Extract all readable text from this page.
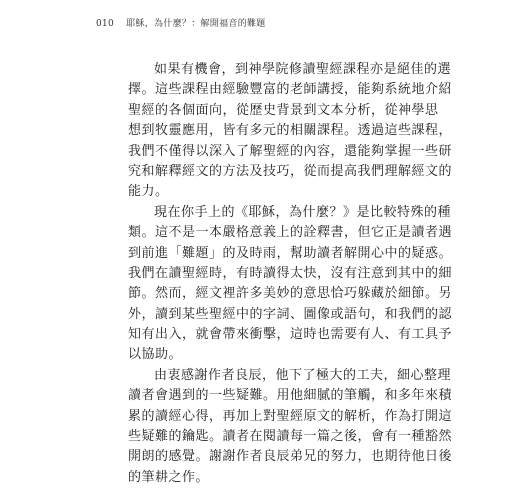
010 耶穌，為什麼？：解開福音的難題
如果有機會，到神學院修讀聖經課程亦是絕佳的選
擇。這些課程由經驗豐富的老師講授，能夠系統地介紹
聖經的各個面向，從歷史背景到文本分析，從神學思
想到牧靈應用，皆有多元的相關課程。透過這些課程，
我們不僅得以深入了解聖經的內容，還能夠掌握一些研
究和解釋經文的方法及技巧，從而提高我們理解經文的
能力。
現在你手上的《耶穌，為什麼？》是比較特殊的種
類。這不是一本嚴格意義上的詮釋書，但它正是讀者遇
到前進「難題」的及時雨，幫助讀者解開心中的疑惑。
我們在讀聖經時，有時讀得太快，沒有注意到其中的細
節。然而，經文裡許多美妙的意思恰巧躲藏於細節。另
外，讀到某些聖經中的字詞、圖像或語句，和我們的認
知有出入，就會帶來衝擊，這時也需要有人、有工具予
以協助。
由衷感謝作者良辰，他下了極大的工夫，細心整理
讀者會遇到的一些疑難。用他細膩的筆觸，和多年來積
累的讀經心得，再加上對聖經原文的解析，作為打開這
些疑難的鑰匙。讀者在閱讀每一篇之後，會有一種豁然
開朗的感覺。謝謝作者良辰弟兄的努力，也期待他日後
的筆耕之作。
